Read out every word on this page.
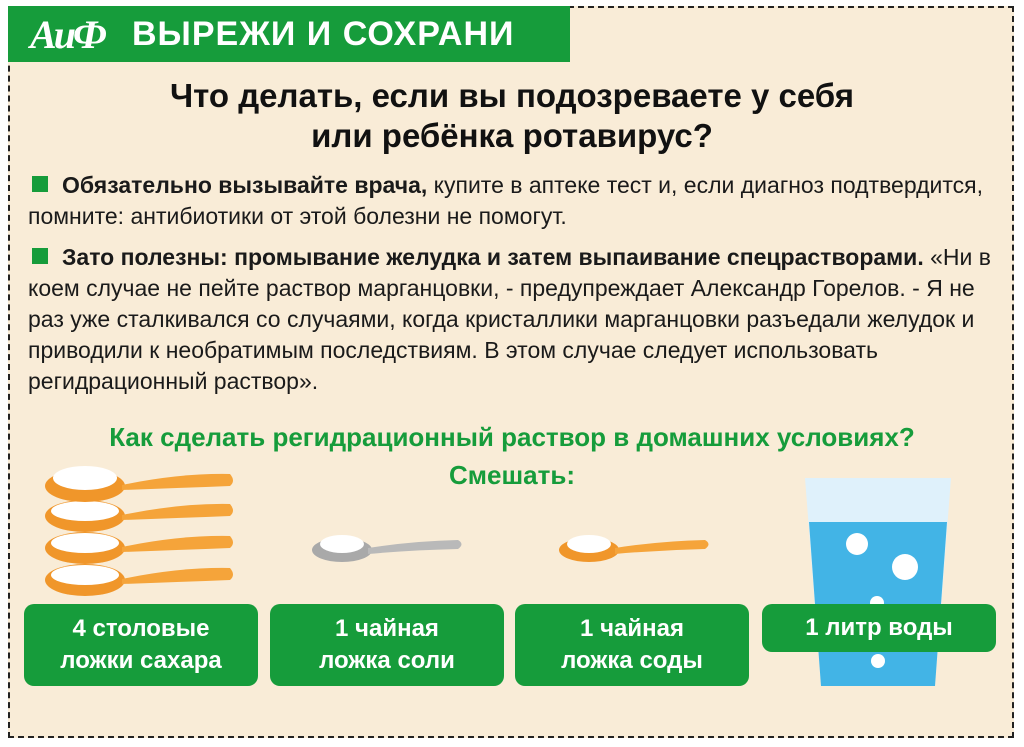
АиФ ВЫРЕЖИ И СОХРАНИ
Что делать, если вы подозреваете у себя
или ребёнка ротавирус?
Обязательно вызывайте врача, купите в аптеке тест и, если диагноз подтвердится, помните: антибиотики от этой болезни не помогут.
Зато полезны: промывание желудка и затем выпаивание спецрастворами. «Ни в коем случае не пейте раствор марганцовки, - предупреждает Александр Горелов. - Я не раз уже сталкивался со случаями, когда кристаллики марганцовки разъедали желудок и приводили к необратимым последствиям. В этом случае следует использовать регидрационный раствор».
Как сделать регидрационный раствор в домашних условиях?
Смешать:
4 столовые
ложки сахара
1 чайная
ложка соли
1 чайная
ложка соды
1 литр воды
